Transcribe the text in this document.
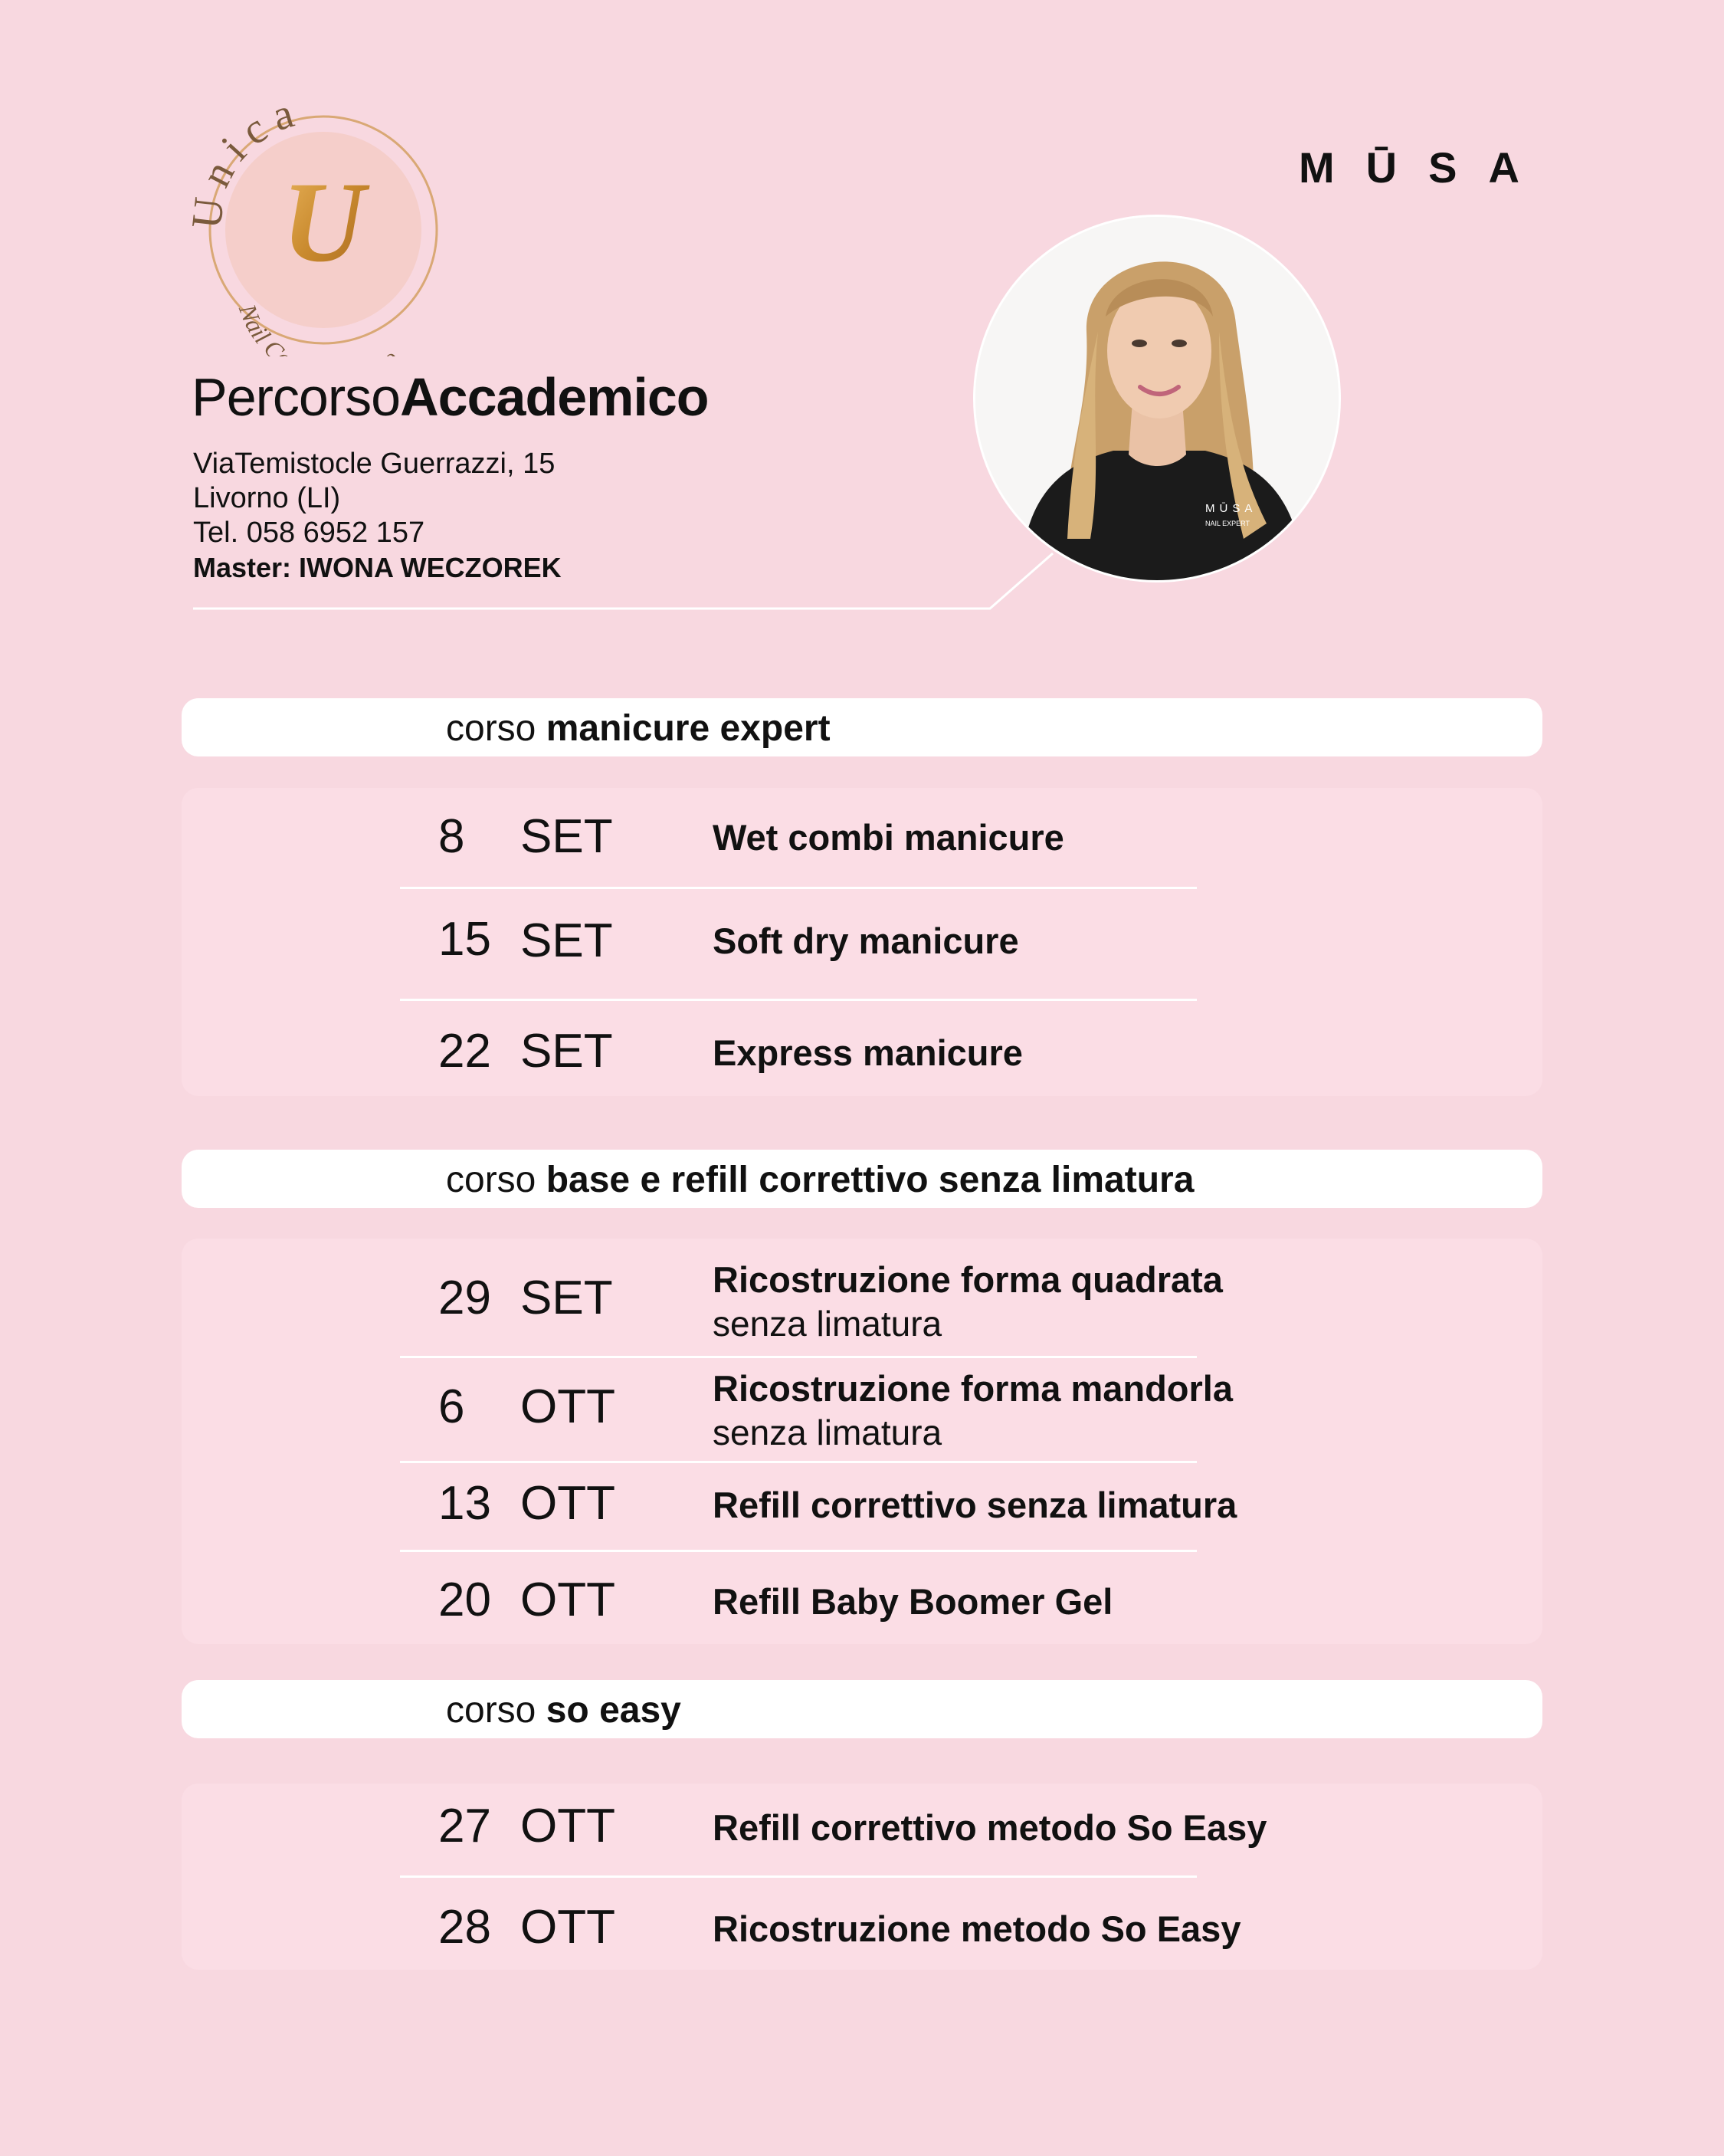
nica
U
Nail C
MŪSA
PercorsoAccademico
ViaTemistocle Guerrazzi, 15
Livorno (LI)
Tel. 058 6952 157
Master: IWONA WECZOREK
MŪSA
NAIL EXPERT
corso manicure expert
8 SET	Wet combi manicure
15 SET	Soft dry manicure
22 SET	Express manicure
corso base e refill correttivo senza limatura
29 SET	Ricostruzione forma quadrata
senza limatura
6 OTT	Ricostruzione forma mandorla
senza limatura
13 OTT	Refill correttivo senza limatura
20 OTT	Refill Baby Boomer Gel
corso so easy
27 OTT	Refill correttivo metodo So Easy
28 OTT	Ricostruzione metodo So Easy
